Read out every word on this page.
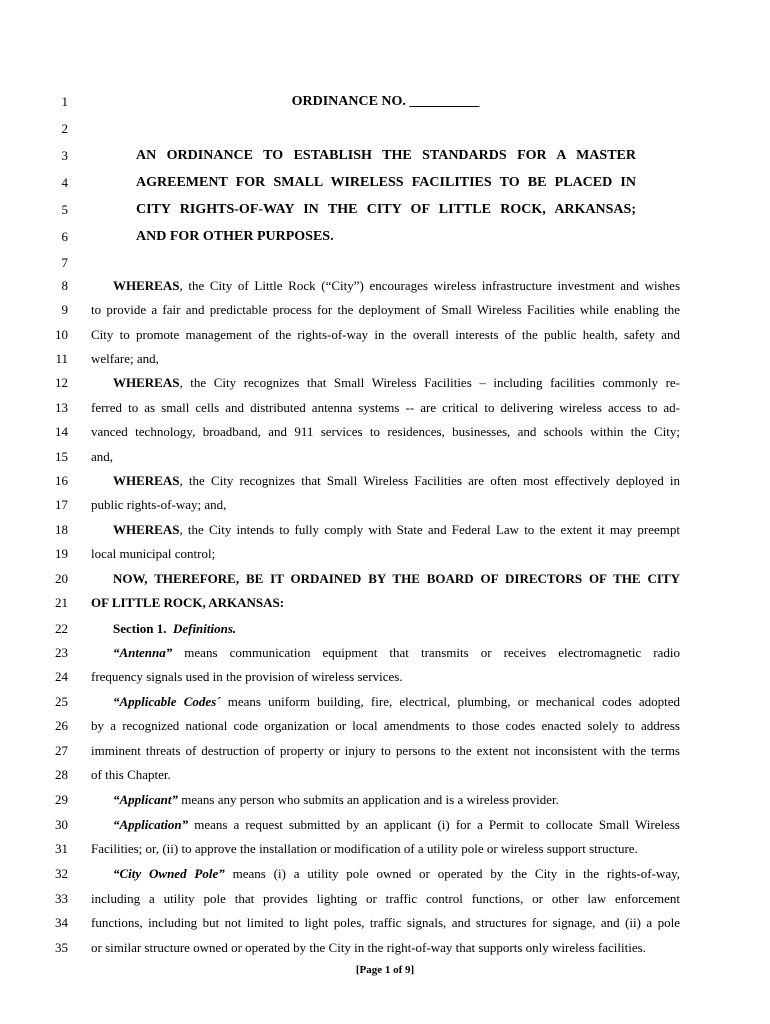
1
2
3
4
5
6
7
8
9
10
11
12
13
14
15
16
17
18
19
20
21
22
23
24
25
26
27
28
29
30
31
32
33
34
35
ORDINANCE NO. __________
AN ORDINANCE TO ESTABLISH THE STANDARDS FOR A MASTER
AGREEMENT FOR SMALL WIRELESS FACILITIES TO BE PLACED IN
CITY RIGHTS-OF-WAY IN THE CITY OF LITTLE ROCK, ARKANSAS;
AND FOR OTHER PURPOSES.
WHEREAS, the City of Little Rock (“City”) encourages wireless infrastructure investment and wishes
to provide a fair and predictable process for the deployment of Small Wireless Facilities while enabling the
City to promote management of the rights-of-way in the overall interests of the public health, safety and
welfare; and,
WHEREAS, the City recognizes that Small Wireless Facilities – including facilities commonly re-
ferred to as small cells and distributed antenna systems -- are critical to delivering wireless access to ad-
vanced technology, broadband, and 911 services to residences, businesses, and schools within the City;
and,
WHEREAS, the City recognizes that Small Wireless Facilities are often most effectively deployed in
public rights-of-way; and,
WHEREAS, the City intends to fully comply with State and Federal Law to the extent it may preempt
local municipal control;
NOW, THEREFORE, BE IT ORDAINED BY THE BOARD OF DIRECTORS OF THE CITY
OF LITTLE ROCK, ARKANSAS:
Section 1. Definitions.
“Antenna” means communication equipment that transmits or receives electromagnetic radio
frequency signals used in the provision of wireless services.
“Applicable Codes´ means uniform building, fire, electrical, plumbing, or mechanical codes adopted
by a recognized national code organization or local amendments to those codes enacted solely to address
imminent threats of destruction of property or injury to persons to the extent not inconsistent with the terms
of this Chapter.
“Applicant” means any person who submits an application and is a wireless provider.
“Application” means a request submitted by an applicant (i) for a Permit to collocate Small Wireless
Facilities; or, (ii) to approve the installation or modification of a utility pole or wireless support structure.
“City Owned Pole” means (i) a utility pole owned or operated by the City in the rights-of-way,
including a utility pole that provides lighting or traffic control functions, or other law enforcement
functions, including but not limited to light poles, traffic signals, and structures for signage, and (ii) a pole
or similar structure owned or operated by the City in the right-of-way that supports only wireless facilities.
[Page 1 of 9]
